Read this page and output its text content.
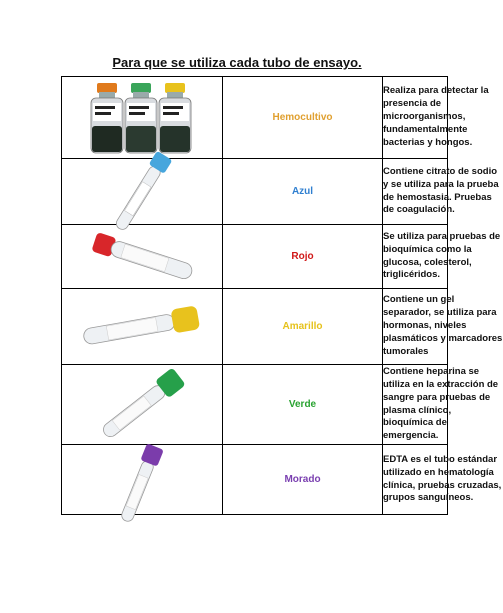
Para que se utiliza cada tubo de ensayo.
	Hemocultivo	Realiza para detectar la presencia de microorganismos, fundamentalmente bacterias y hongos.

	Azul	Contiene citrato de sodio y se utiliza para la prueba de hemostasia. Pruebas de coagulación.

	Rojo	Se utiliza para pruebas de bioquímica como la glucosa, colesterol, triglicéridos.

	Amarillo	Contiene un gel separador, se utiliza para hormonas, niveles plasmáticos y marcadores tumorales

	Verde	Contiene heparina se utiliza en la extracción de sangre para pruebas de plasma clínico, bioquímica de emergencia.

	Morado	EDTA es el tubo estándar utilizado en hematología clínica, pruebas cruzadas, grupos sanguíneos.
